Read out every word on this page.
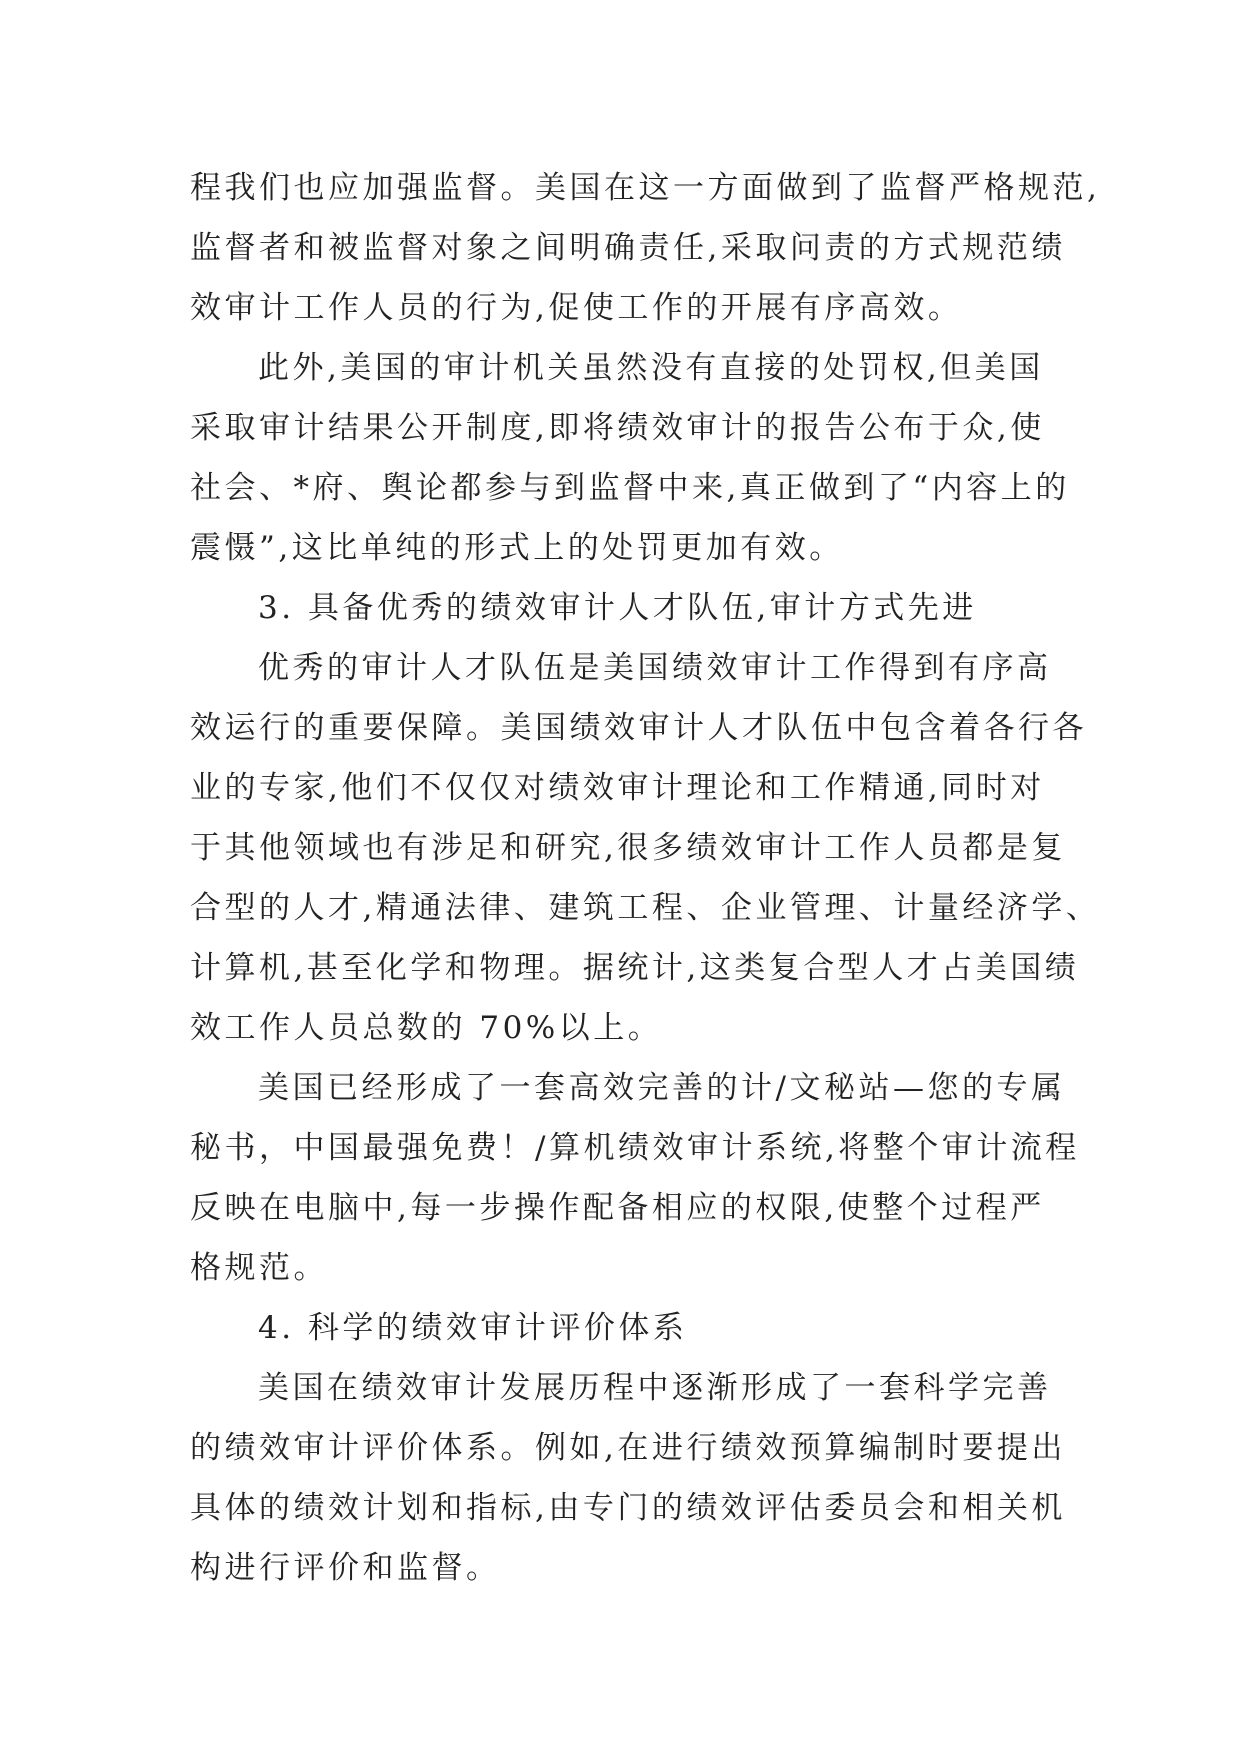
程我们也应加强监督。美国在这一方面做到了监督严格规范,
监督者和被监督对象之间明确责任,采取问责的方式规范绩
效审计工作人员的行为,促使工作的开展有序高效。
此外,美国的审计机关虽然没有直接的处罚权,但美国
采取审计结果公开制度,即将绩效审计的报告公布于众,使
社会、*府、舆论都参与到监督中来,真正做到了“内容上的
震慑”,这比单纯的形式上的处罚更加有效。
3. 具备优秀的绩效审计人才队伍,审计方式先进
优秀的审计人才队伍是美国绩效审计工作得到有序高
效运行的重要保障。美国绩效审计人才队伍中包含着各行各
业的专家,他们不仅仅对绩效审计理论和工作精通,同时对
于其他领域也有涉足和研究,很多绩效审计工作人员都是复
合型的人才,精通法律、建筑工程、企业管理、计量经济学、
计算机,甚至化学和物理。据统计,这类复合型人才占美国绩
效工作人员总数的 70%以上。
美国已经形成了一套高效完善的计/文秘站—您的专属
秘书，中国最强免费！/算机绩效审计系统,将整个审计流程
反映在电脑中,每一步操作配备相应的权限,使整个过程严
格规范。
4. 科学的绩效审计评价体系
美国在绩效审计发展历程中逐渐形成了一套科学完善
的绩效审计评价体系。例如,在进行绩效预算编制时要提出
具体的绩效计划和指标,由专门的绩效评估委员会和相关机
构进行评价和监督。
